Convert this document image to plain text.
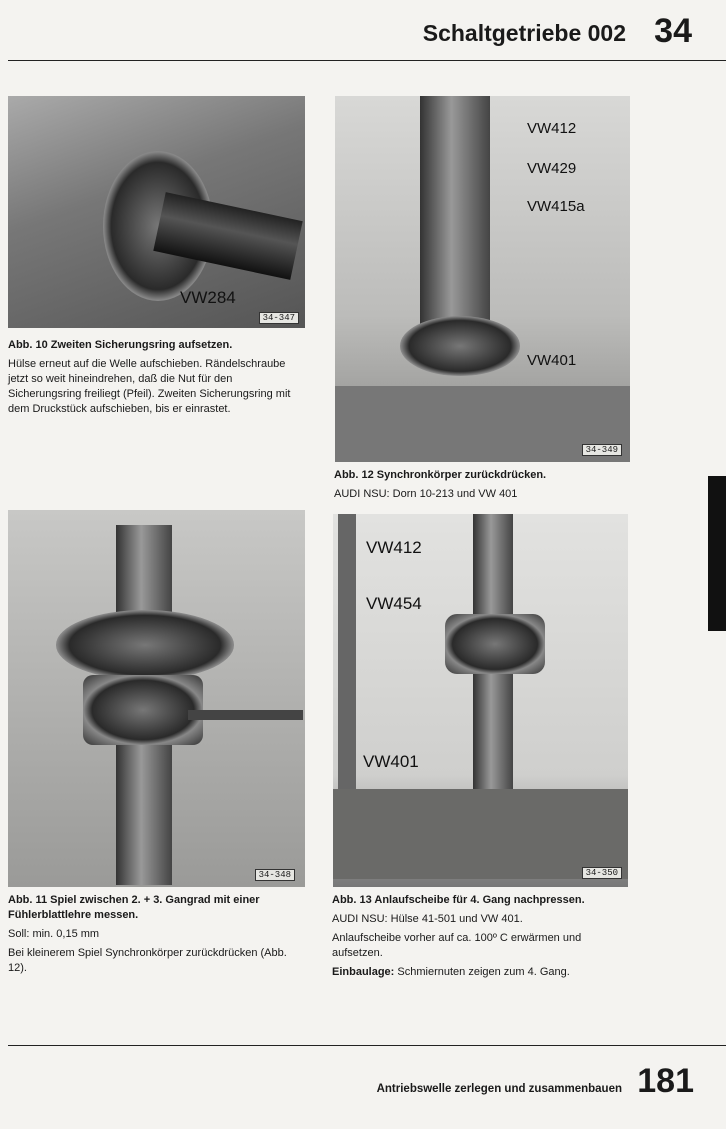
Schaltgetriebe 002 34
VW284
34-347

Abb. 10 Zweiten Sicherungsring aufsetzen.

Hülse erneut auf die Welle aufschieben. Rändelschraube jetzt so weit hineindrehen, daß die Nut für den Sicherungsring freiliegt (Pfeil). Zweiten Sicherungsring mit dem Druckstück aufschieben, bis er einrastet.

VW412
VW429
VW415a
VW401
34-349

Abb. 12 Synchronkörper zurückdrücken.

AUDI NSU: Dorn 10-213 und VW 401

34-348

Abb. 11 Spiel zwischen 2. + 3. Gangrad mit einer Fühlerblattlehre messen.

Soll: min. 0,15 mm

Bei kleinerem Spiel Synchronkörper zurückdrücken (Abb. 12).

VW412
VW454
VW401
34-350

Abb. 13 Anlaufscheibe für 4. Gang nachpressen.

AUDI NSU: Hülse 41-501 und VW 401.

Anlaufscheibe vorher auf ca. 100º C erwärmen und aufsetzen.

Einbaulage: Schmiernuten zeigen zum 4. Gang.

Antriebswelle zerlegen und zusammenbauen 181
